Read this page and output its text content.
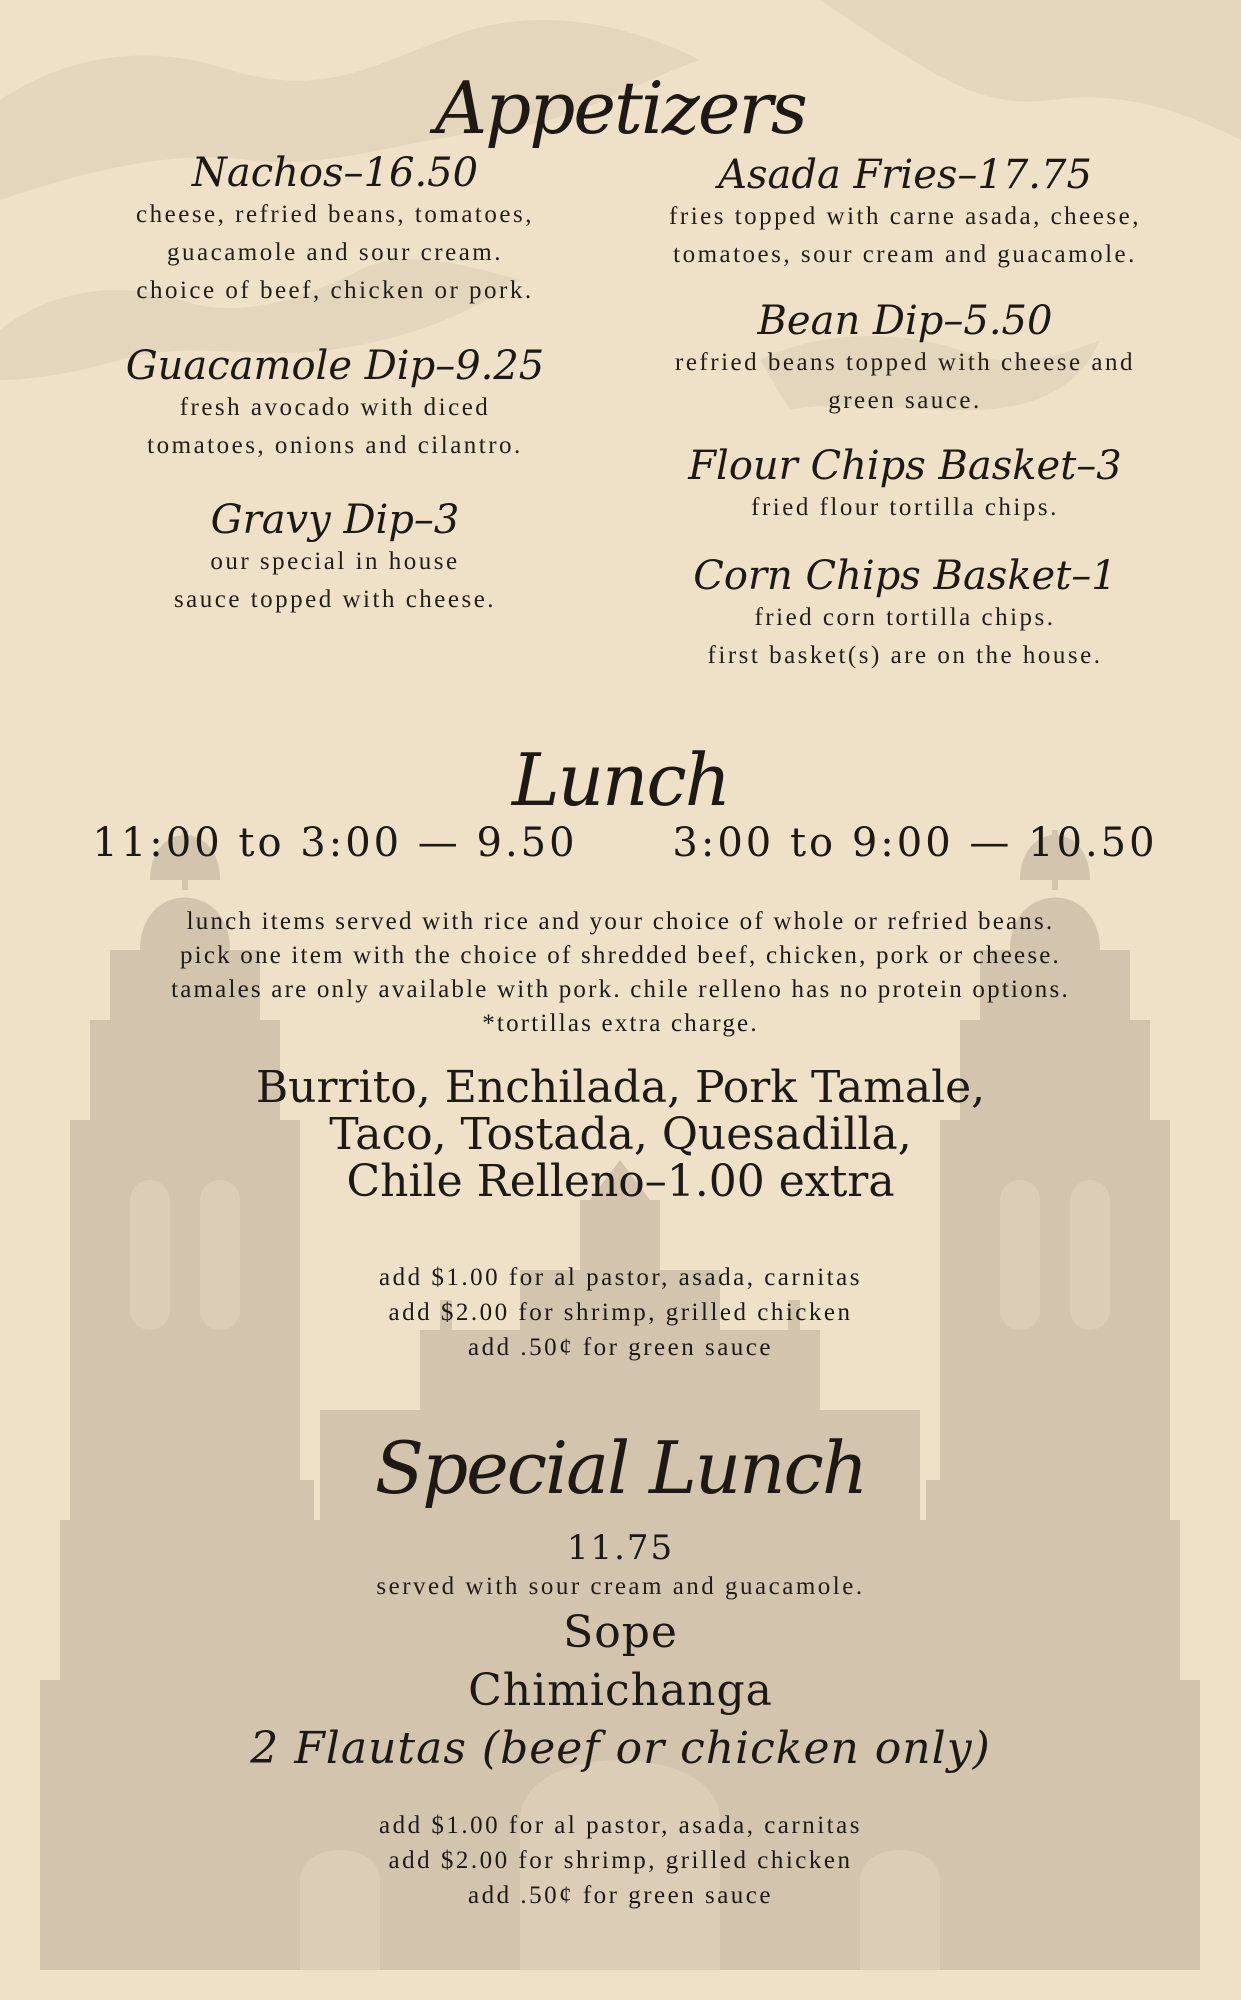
Appetizers
Nachos–16.50
cheese, refried beans, tomatoes,
guacamole and sour cream.
choice of beef, chicken or pork.
Guacamole Dip–9.25
fresh avocado with diced
tomatoes, onions and cilantro.
Gravy Dip–3
our special in house
sauce topped with cheese.
Asada Fries–17.75
fries topped with carne asada, cheese,
tomatoes, sour cream and guacamole.
Bean Dip–5.50
refried beans topped with cheese and
green sauce.
Flour Chips Basket–3
fried flour tortilla chips.
Corn Chips Basket–1
fried corn tortilla chips.
first basket(s) are on the house.
Lunch
11:00 to 3:00 — 9.50	3:00 to 9:00 — 10.50
lunch items served with rice and your choice of whole or refried beans.
pick one item with the choice of shredded beef, chicken, pork or cheese.
tamales are only available with pork. chile relleno has no protein options.
*tortillas extra charge.
Burrito, Enchilada, Pork Tamale,
Taco, Tostada, Quesadilla,
Chile Relleno–1.00 extra
add $1.00 for al pastor, asada, carnitas
add $2.00 for shrimp, grilled chicken
add .50¢ for green sauce
Special Lunch
11.75
served with sour cream and guacamole.
Sope
Chimichanga
2 Flautas (beef or chicken only)
add $1.00 for al pastor, asada, carnitas
add $2.00 for shrimp, grilled chicken
add .50¢ for green sauce
